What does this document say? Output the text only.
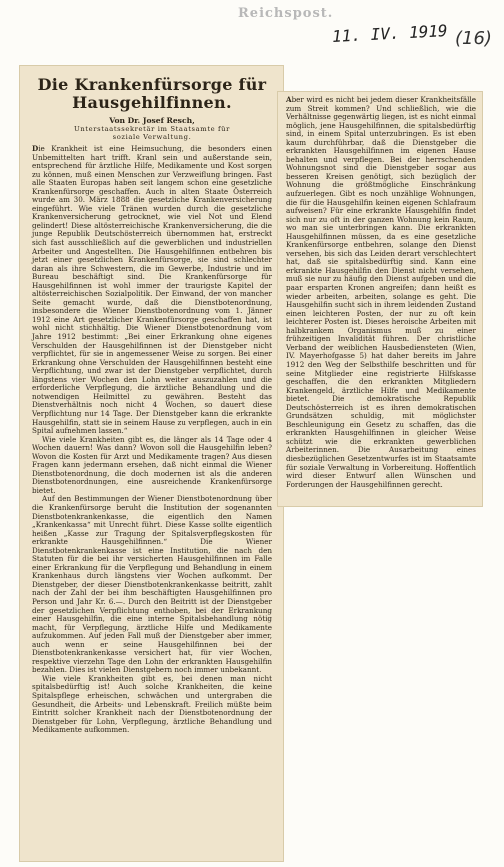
Reichspost.
11. IV. 1919 (16)
Die Krankenfürsorge für
Hausgehilfinnen.
Von Dr. Josef Resch,
Unterstaatssekretär im Staatsamte für
soziale Verwaltung.

Die Krankheit ist eine Heimsuchung, die besonders einen Unbemittelten hart trifft. Kranl sein und außerstande sein, entsprechend für ärztliche Hilfe, Medikamente und Kost sorgen zu können, muß einen Menschen zur Verzweiflung bringen. Fast alle Staaten Europas haben seit langem schon eine gesetzliche Krankenfürsorge geschaffen. Auch in alten Staate Österreich wurde am 30. März 1888 die gesetzliche Krankenversicherung eingeführt. Wie viele Tränen wurden durch die gesetzliche Krankenversicherung getrocknet, wie viel Not und Elend gelindert! Diese altösterreichische Krankenversicherung, die die junge Republik Deutschösterreich übernommen hat, erstreckt sich fast ausschließlich auf die gewerblichen und industriellen Arbeiter und Angestellten. Die Hausgehilfinnen entbehren bis jetzt einer gesetzlichen Krankenfürsorge, sie sind schlechter daran als ihre Schwestern, die im Gewerbe, Industrie und im Bureau beschäftigt sind. Die Krankenfürsorge für Hausgehilfinnen ist wohl immer der traurigste Kapitel der altösterreichischen Sozialpolitik. Der Einwand, der von mancher Seite gemacht wurde, daß die Dienstbotenordnung, insbesondere die Wiener Dienstbotenordnung vom 1. Jänner 1912 eine Art gesetzlicher Krankenfürsorge geschaffen hat, ist wohl nicht stichhältig. Die Wiener Dienstbotenordnung vom Jahre 1912 bestimmt: „Bei einer Erkrankung ohne eigenes Verschulden der Hausgehilfinnen ist der Dienstgeber nicht verpflichtet, für sie in angemessener Weise zu sorgen. Bei einer Erkrankung ohne Verschulden der Hausgehilfinnen besteht eine Verpflichtung, und zwar ist der Dienstgeber verpflichtet, durch längstens vier Wochen den Lohn weiter auszuzahlen und die erforderliche Verpflegung, die ärztliche Behandlung und die notwendigen Heilmittel zu gewähren. Besteht das Dienstverhältnis noch nicht 4 Wochen, so dauert diese Verpflichtung nur 14 Tage. Der Dienstgeber kann die erkrankte Hausgehilfin, statt sie in seinem Hause zu verpflegen, auch in ein Spital aufnehmen lassen.“

Wie viele Krankheiten gibt es, die länger als 14 Tage oder 4 Wochen dauern! Was dann? Wovon soll die Hausgehilfin leben? Wovon die Kosten für Arzt und Medikamente tragen? Aus diesen Fragen kann jedermann ersehen, daß nicht einmal die Wiener Dienstbotenordnung, die doch modernen ist als die anderen Dienstbotenordnungen, eine ausreichende Krankenfürsorge bietet.

Auf den Bestimmungen der Wiener Dienstbotenordnung über die Krankenfürsorge beruht die Institution der sogenannten Dienstbotenkrankenkasse, die eigentlich den Namen „Krankenkassa“ mit Unrecht führt. Diese Kasse sollte eigentlich heißen „Kasse zur Tragung der Spitalsverpflegskosten für erkrankte Hausgehilfinnen.“ Die Wiener Dienstbotenkrankenkasse ist eine Institution, die nach den Statuten für die bei ihr versicherten Hausgehilfinnen im Falle einer Erkrankung für die Verpflegung und Behandlung in einem Krankenhaus durch längstens vier Wochen aufkommt. Der Dienstgeber, der dieser Dienstbotenkrankenkasse beitritt, zahlt nach der Zahl der bei ihm beschäftigten Hausgehilfinnen pro Person und Jahr Kr. 6.—. Durch den Beitritt ist der Dienstgeber der gesetzlichen Verpflichtung enthoben, bei der Erkrankung einer Hausgehilfin, die eine interne Spitalsbehandlung nötig macht, für Verpflegung, ärztliche Hilfe und Medikamente aufzukommen. Auf jeden Fall muß der Dienstgeber aber immer, auch wenn er seine Hausgehilfinnen bei der Dienstbotenkrankenkasse versichert hat, für vier Wochen, respektive vierzehn Tage den Lohn der erkrankten Hausgehilfin bezahlen. Dies ist vielen Dienstgebern noch immer unbekannt.

Wie viele Krankheiten gibt es, bei denen man nicht spitalsbedürftig ist! Auch solche Krankheiten, die keine Spitalspflege erheischen, schwächen und untergraben die Gesundheit, die Arbeits- und Lebenskraft. Freilich müßte beim Eintritt solcher Krankheit nach der Dienstbotenordnung der Dienstgeber für Lohn, Verpflegung, ärztliche Behandlung und Medikamente aufkommen.

Aber wird es nicht bei jedem dieser Krankheitsfälle zum Streit kommen? Und schließlich, wie die Verhältnisse gegenwärtig liegen, ist es nicht einmal möglich, jene Hausgehilfinnen, die spitalsbedürftig sind, in einem Spital unterzubringen. Es ist eben kaum durchführbar, daß die Dienstgeber die erkrankten Hausgehilfinnen im eigenen Hause behalten und verpflegen. Bei der herrschenden Wohnungsnot sind die Dienstgeber sogar aus besseren Kreisen genötigt, sich bezüglich der Wohnung die größtmögliche Einschränkung aufzuerlegen. Gibt es noch unzählige Wohnungen, die für die Hausgehilfin keinen eigenen Schlafraum aufweisen? Für eine erkrankte Hausgehilfin findet sich nur zu oft in der ganzen Wohnung kein Raum, wo man sie unterbringen kann. Die erkrankten Hausgehilfinnen müssen, da es eine gesetzliche Krankenfürsorge entbehren, solange den Dienst versehen, bis sich das Leiden derart verschlechtert hat, daß sie spitalsbedürftig sind. Kann eine erkrankte Hausgehilfin den Dienst nicht versehen, muß sie nur zu häufig den Dienst aufgeben und die paar ersparten Kronen angreifen; dann heißt es wieder arbeiten, arbeiten, solange es geht. Die Hausgehilfin sucht sich in ihrem leidenden Zustand einen leichteren Posten, der nur zu oft kein leichterer Posten ist. Dieses heroische Arbeiten mit halbkrankem Organismus muß zu einer frühzeitigen Invalidität führen. Der christliche Verband der weiblichen Hausbediensteten (Wien, IV. Mayerhofgasse 5) hat daher bereits im Jahre 1912 den Weg der Selbsthilfe beschritten und für seine Mitglieder eine registrierte Hilfskasse geschaffen, die den erkrankten Mitgliedern Krankengeld, ärztliche Hilfe und Medikamente bietet. Die demokratische Republik Deutschösterreich ist es ihren demokratischen Grundsätzen schuldig, mit möglichster Beschleunigung ein Gesetz zu schaffen, das die erkrankten Hausgehilfinnen in gleicher Weise schützt wie die erkrankten gewerblichen Arbeiterinnen. Die Ausarbeitung eines diesbezüglichen Gesetzentwurfes ist im Staatsamte für soziale Verwaltung in Vorbereitung. Hoffentlich wird dieser Entwurf allen Wünschen und Forderungen der Hausgehilfinnen gerecht.
